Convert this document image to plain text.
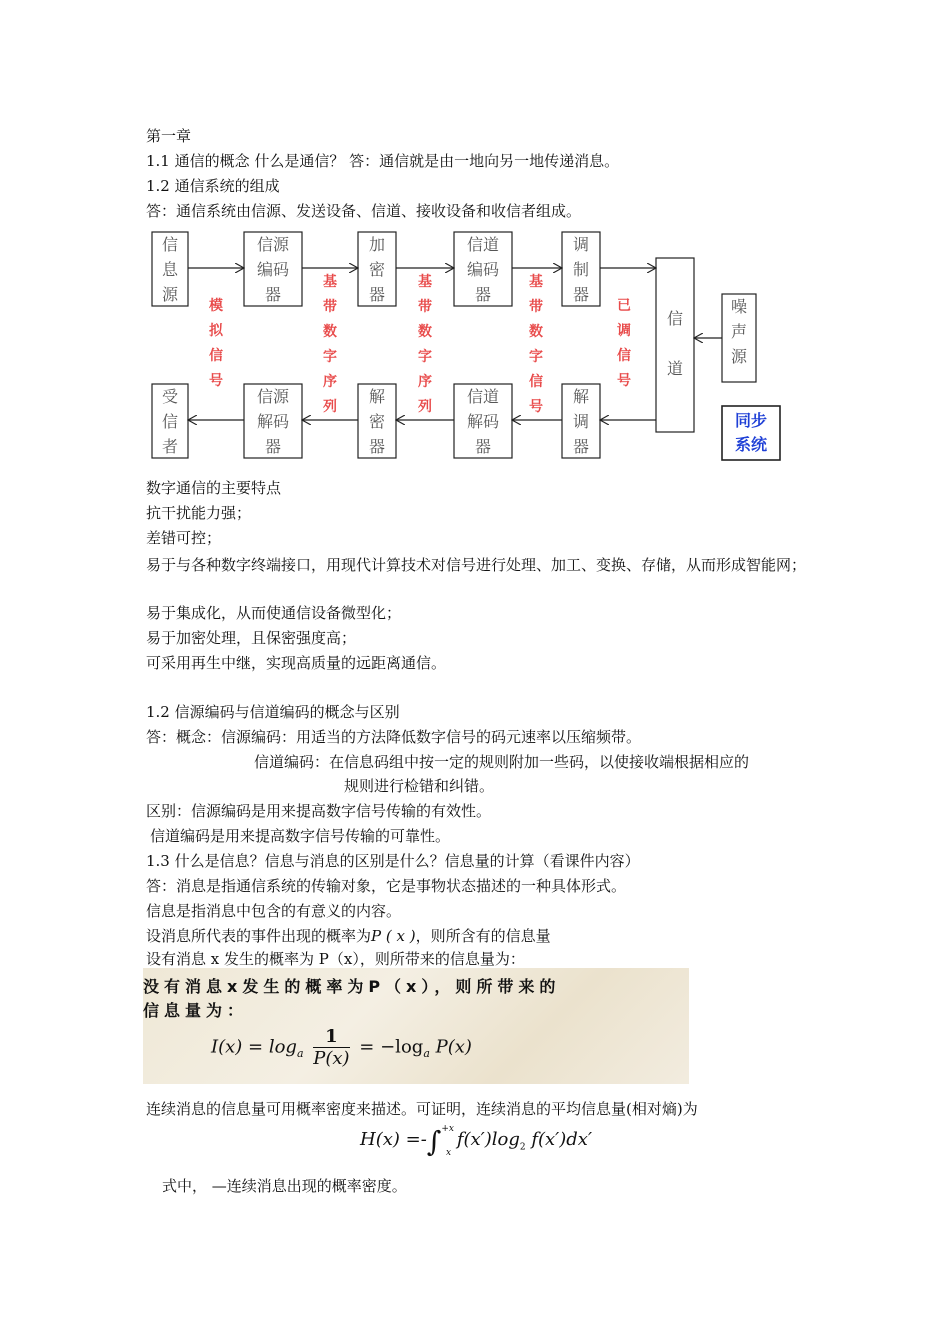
第一章
1.1 通信的概念 什么是通信？ 答：通信就是由一地向另一地传递消息。
1.2 通信系统的组成
答：通信系统由信源、发送设备、信道、接收设备和收信者组成。
信息源
信源编码器
加密器
信道编码器
调制器
受信者
信源解码器
解密器
信道解码器
解调器
信道
噪声源
同步系统
模拟信号
基带数字序列
基带数字序列
基带数字信号
已调信号
数字通信的主要特点
抗干扰能力强；
差错可控；
易于与各种数字终端接口，用现代计算技术对信号进行处理、加工、变换、存储，从而形成智能网；
易于集成化，从而使通信设备微型化；
易于加密处理，且保密强度高；
可采用再生中继，实现高质量的远距离通信。
1.2 信源编码与信道编码的概念与区别
答：概念：信源编码：用适当的方法降低数字信号的码元速率以压缩频带。
信道编码：在信息码组中按一定的规则附加一些码，以使接收端根据相应的
规则进行检错和纠错。
区别：信源编码是用来提高数字信号传输的有效性。
信道编码是用来提高数字信号传输的可靠性。
1.3 什么是信息？信息与消息的区别是什么？信息量的计算（看课件内容）
答：消息是指通信系统的传输对象，它是事物状态描述的一种具体形式。
信息是指消息中包含的有意义的内容。
设消息所代表的事件出现的概率为P ( x )，则所含有的信息量
设有消息 x 发生的概率为 P（x），则所带来的信息量为：
没有消息x发生的概率为P（x），则所带来的
信息量为：
$I(x) = \log_a \frac{1}{P(x)} = -\log_a$ P(x)
连续消息的信息量可用概率密度来描述。可证明，连续消息的平均信息量(相对熵)为
H(x) =-∫$^{+x}_x$ $f(x')\log_2$ f(x′)dx′
式中， —连续消息出现的概率密度。
